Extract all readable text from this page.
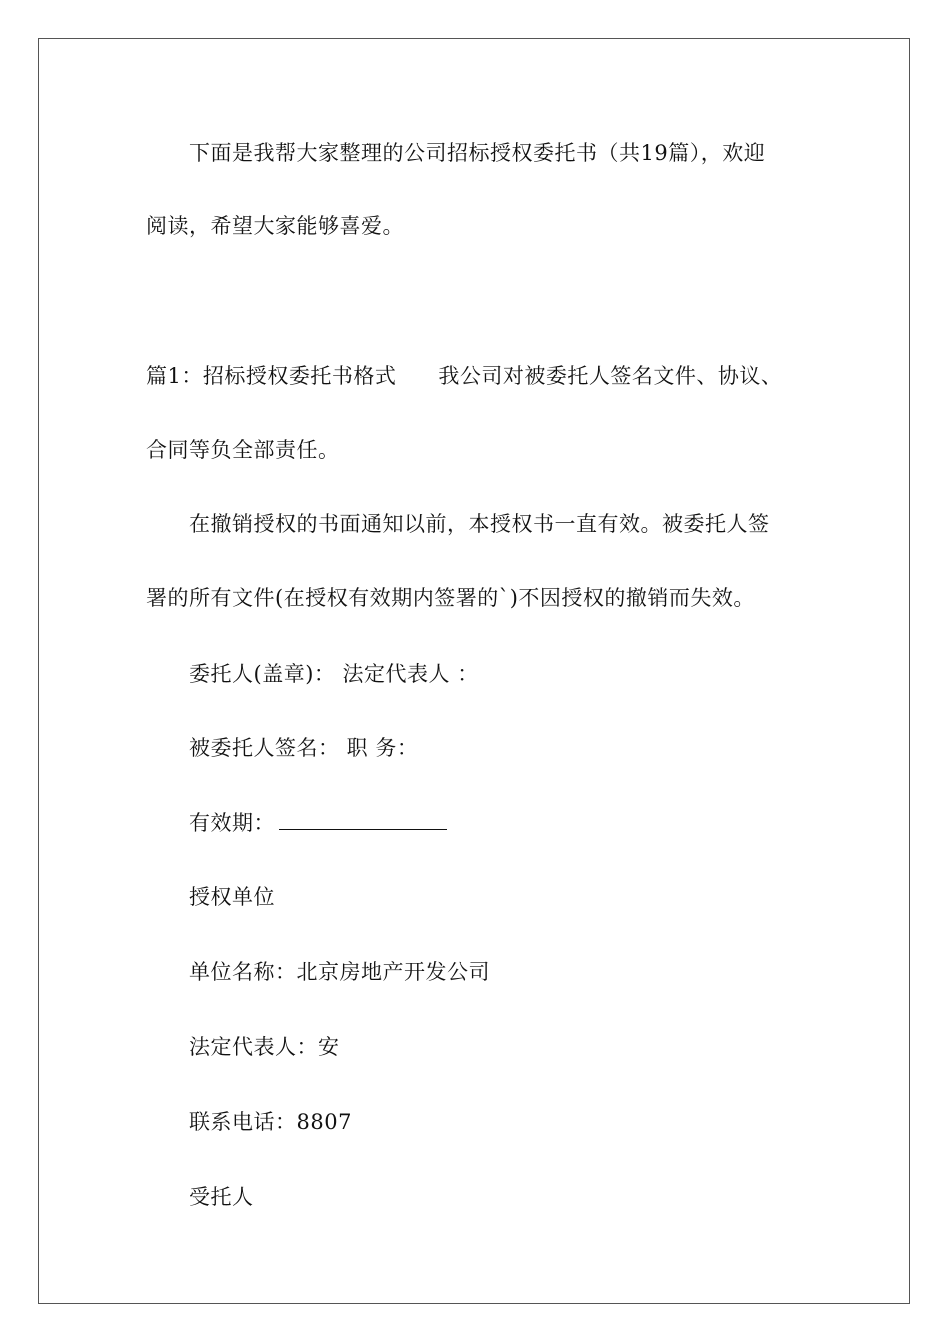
下面是我帮大家整理的公司招标授权委托书（共19篇），欢迎
阅读，希望大家能够喜爱。
篇1：招标授权委托书格式 我公司对被委托人签名文件、协议、
合同等负全部责任。
在撤销授权的书面通知以前，本授权书一直有效。被委托人签
署的所有文件(在授权有效期内签署的`)不因授权的撤销而失效。
委托人(盖章)： 法定代表人 ：
被委托人签名： 职 务：
有效期：
授权单位
单位名称：北京房地产开发公司
法定代表人：安
联系电话：8807
受托人
